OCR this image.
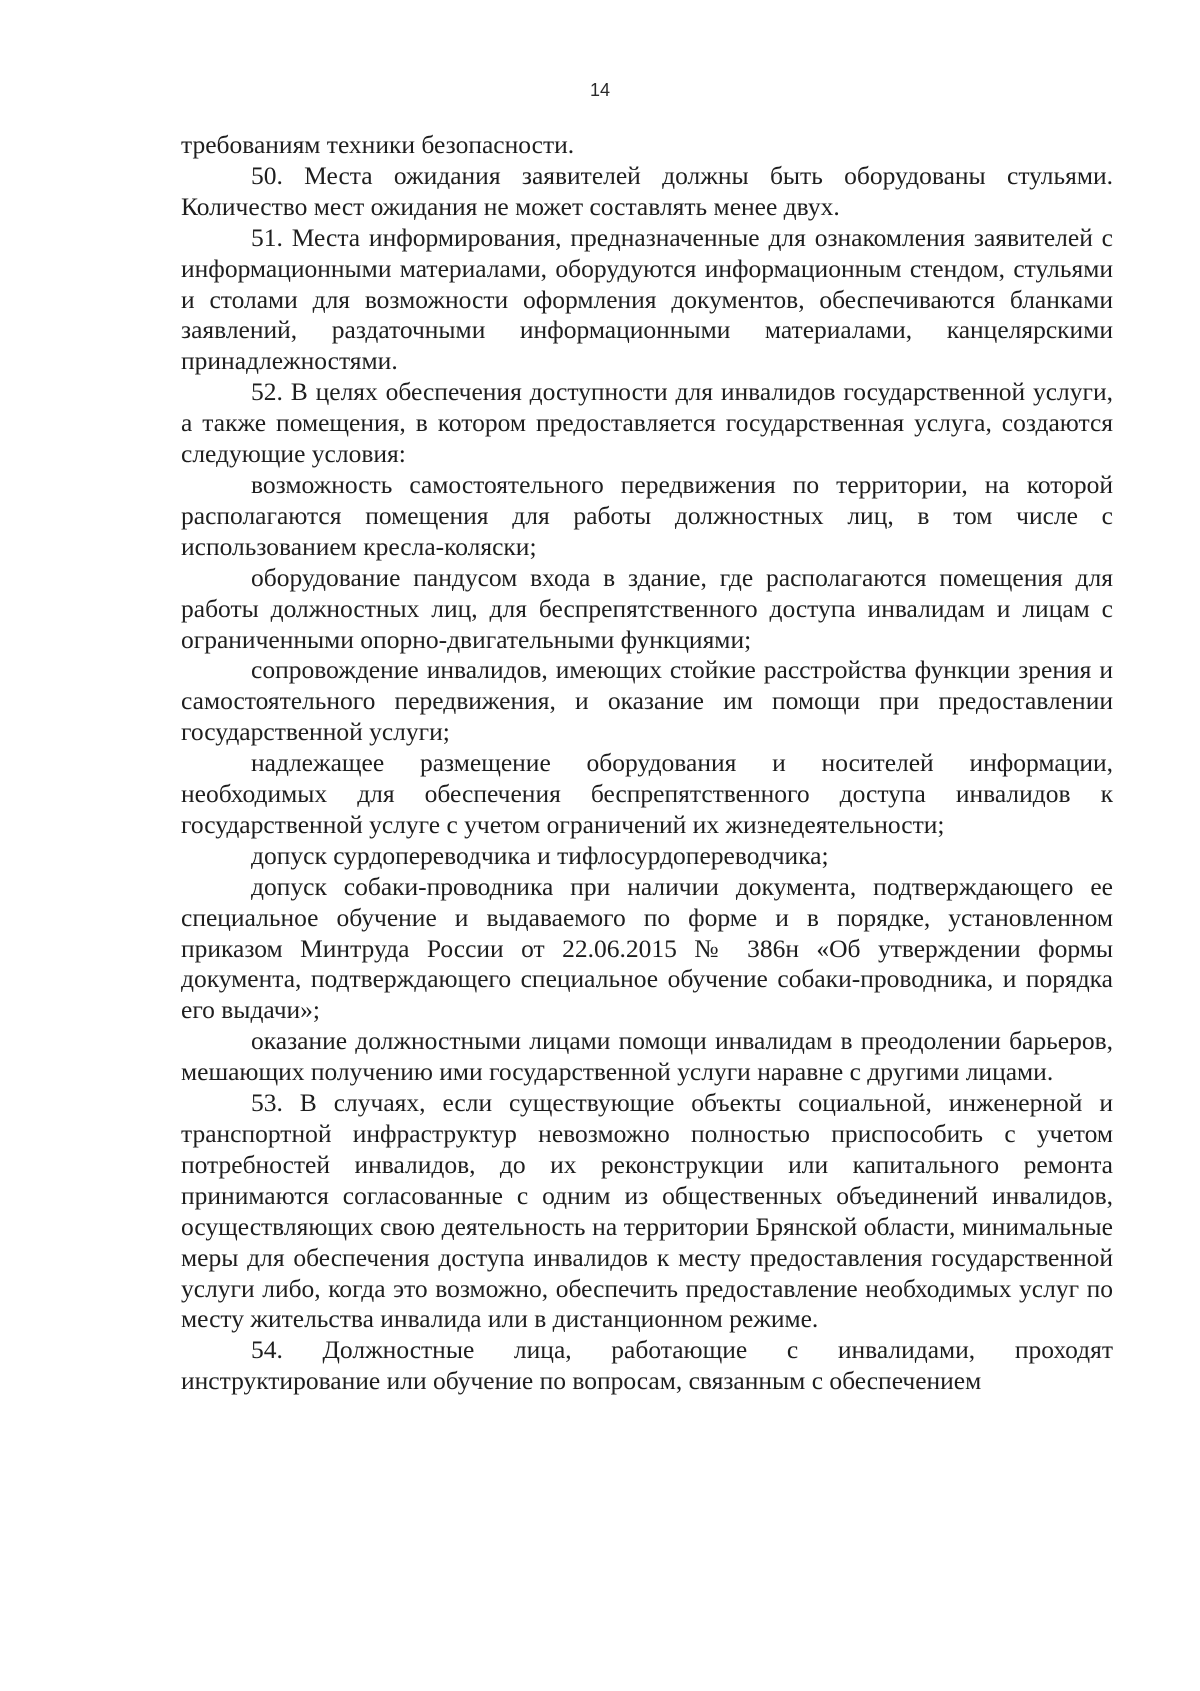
14

требованиям техники безопасности.

50. Места ожидания заявителей должны быть оборудованы стульями. Количество мест ожидания не может составлять менее двух.

51. Места информирования, предназначенные для ознакомления заявителей с информационными материалами, оборудуются информационным стендом, стульями и столами для возможности оформления документов, обеспечиваются бланками заявлений, раздаточными информационными материалами, канцелярскими принадлежностями.

52. В целях обеспечения доступности для инвалидов государственной услуги, а также помещения, в котором предоставляется государственная услуга, создаются следующие условия:

возможность самостоятельного передвижения по территории, на которой располагаются помещения для работы должностных лиц, в том числе с использованием кресла-коляски;

оборудование пандусом входа в здание, где располагаются помещения для работы должностных лиц, для беспрепятственного доступа инвалидам и лицам с ограниченными опорно-двигательными функциями;

сопровождение инвалидов, имеющих стойкие расстройства функции зрения и самостоятельного передвижения, и оказание им помощи при предоставлении государственной услуги;

надлежащее размещение оборудования и носителей информации, необходимых для обеспечения беспрепятственного доступа инвалидов к государственной услуге с учетом ограничений их жизнедеятельности;

допуск сурдопереводчика и тифлосурдопереводчика;

допуск собаки-проводника при наличии документа, подтверждающего ее специальное обучение и выдаваемого по форме и в порядке, установленном приказом Минтруда России от 22.06.2015 № 386н «Об утверждении формы документа, подтверждающего специальное обучение собаки-проводника, и порядка его выдачи»;

оказание должностными лицами помощи инвалидам в преодолении барьеров, мешающих получению ими государственной услуги наравне с другими лицами.

53. В случаях, если существующие объекты социальной, инженерной и транспортной инфраструктур невозможно полностью приспособить с учетом потребностей инвалидов, до их реконструкции или капитального ремонта принимаются согласованные с одним из общественных объединений инвалидов, осуществляющих свою деятельность на территории Брянской области, минимальные меры для обеспечения доступа инвалидов к месту предоставления государственной услуги либо, когда это возможно, обеспечить предоставление необходимых услуг по месту жительства инвалида или в дистанционном режиме.

54. Должностные лица, работающие с инвалидами, проходят инструктирование или обучение по вопросам, связанным с обеспечением
